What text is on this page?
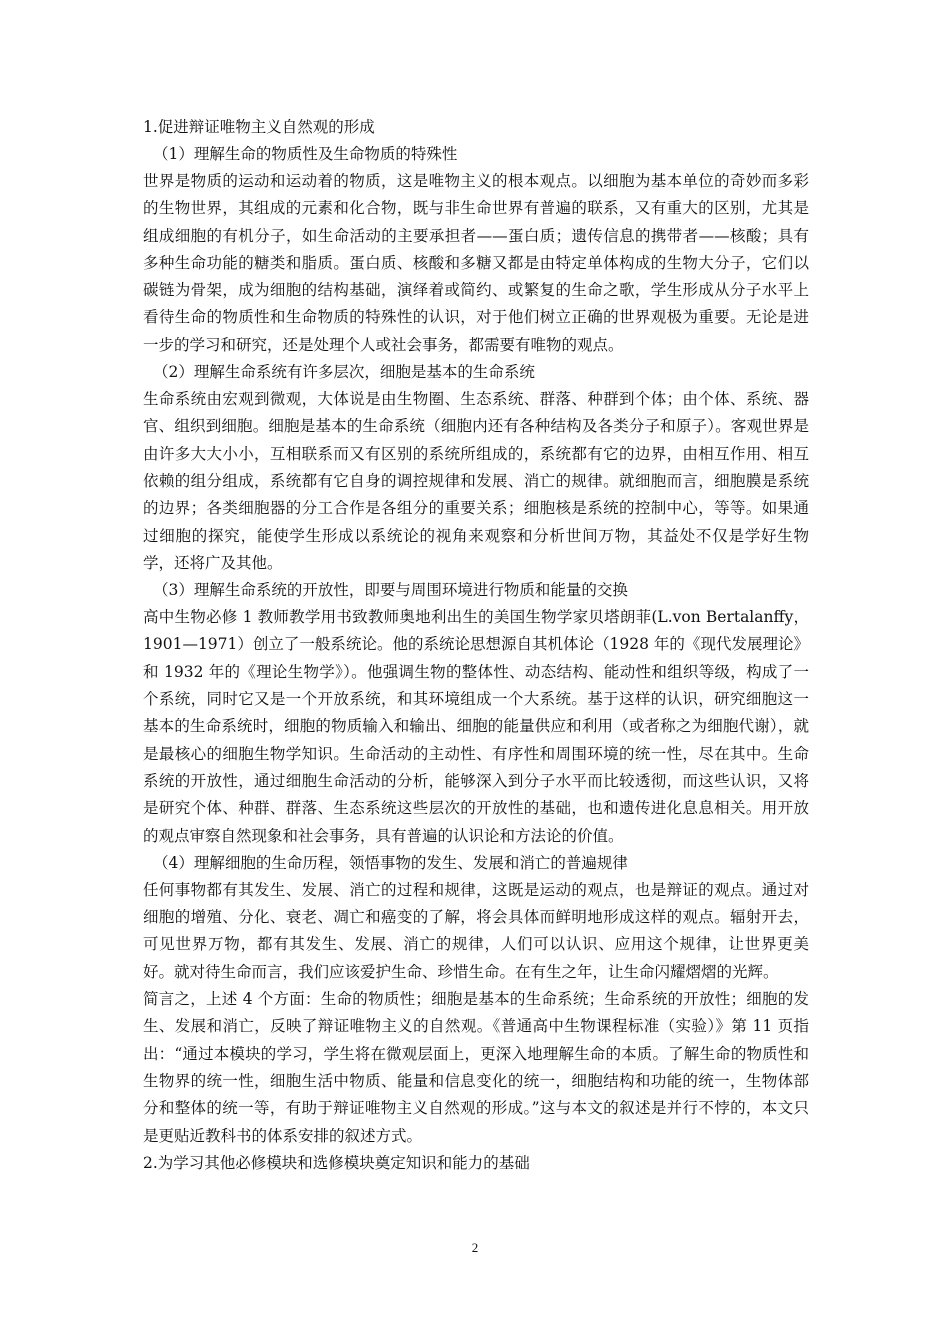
1.促进辩证唯物主义自然观的形成

（1）理解生命的物质性及生命物质的特殊性

世界是物质的运动和运动着的物质，这是唯物主义的根本观点。以细胞为基本单位的奇妙而多彩的生物世界，其组成的元素和化合物，既与非生命世界有普遍的联系，又有重大的区别，尤其是组成细胞的有机分子，如生命活动的主要承担者——蛋白质；遗传信息的携带者——核酸；具有多种生命功能的糖类和脂质。蛋白质、核酸和多糖又都是由特定单体构成的生物大分子，它们以碳链为骨架，成为细胞的结构基础，演绎着或简约、或繁复的生命之歌，学生形成从分子水平上看待生命的物质性和生命物质的特殊性的认识，对于他们树立正确的世界观极为重要。无论是进一步的学习和研究，还是处理个人或社会事务，都需要有唯物的观点。

（2）理解生命系统有许多层次，细胞是基本的生命系统

生命系统由宏观到微观，大体说是由生物圈、生态系统、群落、种群到个体；由个体、系统、器官、组织到细胞。细胞是基本的生命系统（细胞内还有各种结构及各类分子和原子）。客观世界是由许多大大小小，互相联系而又有区别的系统所组成的，系统都有它的边界，由相互作用、相互依赖的组分组成，系统都有它自身的调控规律和发展、消亡的规律。就细胞而言，细胞膜是系统的边界；各类细胞器的分工合作是各组分的重要关系；细胞核是系统的控制中心，等等。如果通过细胞的探究，能使学生形成以系统论的视角来观察和分析世间万物，其益处不仅是学好生物学，还将广及其他。

（3）理解生命系统的开放性，即要与周围环境进行物质和能量的交换

高中生物必修 1 教师教学用书致教师奥地利出生的美国生物学家贝塔朗菲(L.von Bertalanffy，1901—1971）创立了一般系统论。他的系统论思想源自其机体论（1928 年的《现代发展理论》和 1932 年的《理论生物学》）。他强调生物的整体性、动态结构、能动性和组织等级，构成了一个系统，同时它又是一个开放系统，和其环境组成一个大系统。基于这样的认识，研究细胞这一基本的生命系统时，细胞的物质输入和输出、细胞的能量供应和利用（或者称之为细胞代谢），就是最核心的细胞生物学知识。生命活动的主动性、有序性和周围环境的统一性，尽在其中。生命系统的开放性，通过细胞生命活动的分析，能够深入到分子水平而比较透彻，而这些认识，又将是研究个体、种群、群落、生态系统这些层次的开放性的基础，也和遗传进化息息相关。用开放的观点审察自然现象和社会事务，具有普遍的认识论和方法论的价值。

（4）理解细胞的生命历程，领悟事物的发生、发展和消亡的普遍规律

任何事物都有其发生、发展、消亡的过程和规律，这既是运动的观点，也是辩证的观点。通过对细胞的增殖、分化、衰老、凋亡和癌变的了解，将会具体而鲜明地形成这样的观点。辐射开去，可见世界万物，都有其发生、发展、消亡的规律，人们可以认识、应用这个规律，让世界更美好。就对待生命而言，我们应该爱护生命、珍惜生命。在有生之年，让生命闪耀熠熠的光辉。

简言之，上述 4 个方面：生命的物质性；细胞是基本的生命系统；生命系统的开放性；细胞的发生、发展和消亡，反映了辩证唯物主义的自然观。《普通高中生物课程标准（实验）》第 11 页指出：“通过本模块的学习，学生将在微观层面上，更深入地理解生命的本质。了解生命的物质性和生物界的统一性，细胞生活中物质、能量和信息变化的统一，细胞结构和功能的统一，生物体部分和整体的统一等，有助于辩证唯物主义自然观的形成。”这与本文的叙述是并行不悖的，本文只是更贴近教科书的体系安排的叙述方式。

2.为学习其他必修模块和选修模块奠定知识和能力的基础

2
